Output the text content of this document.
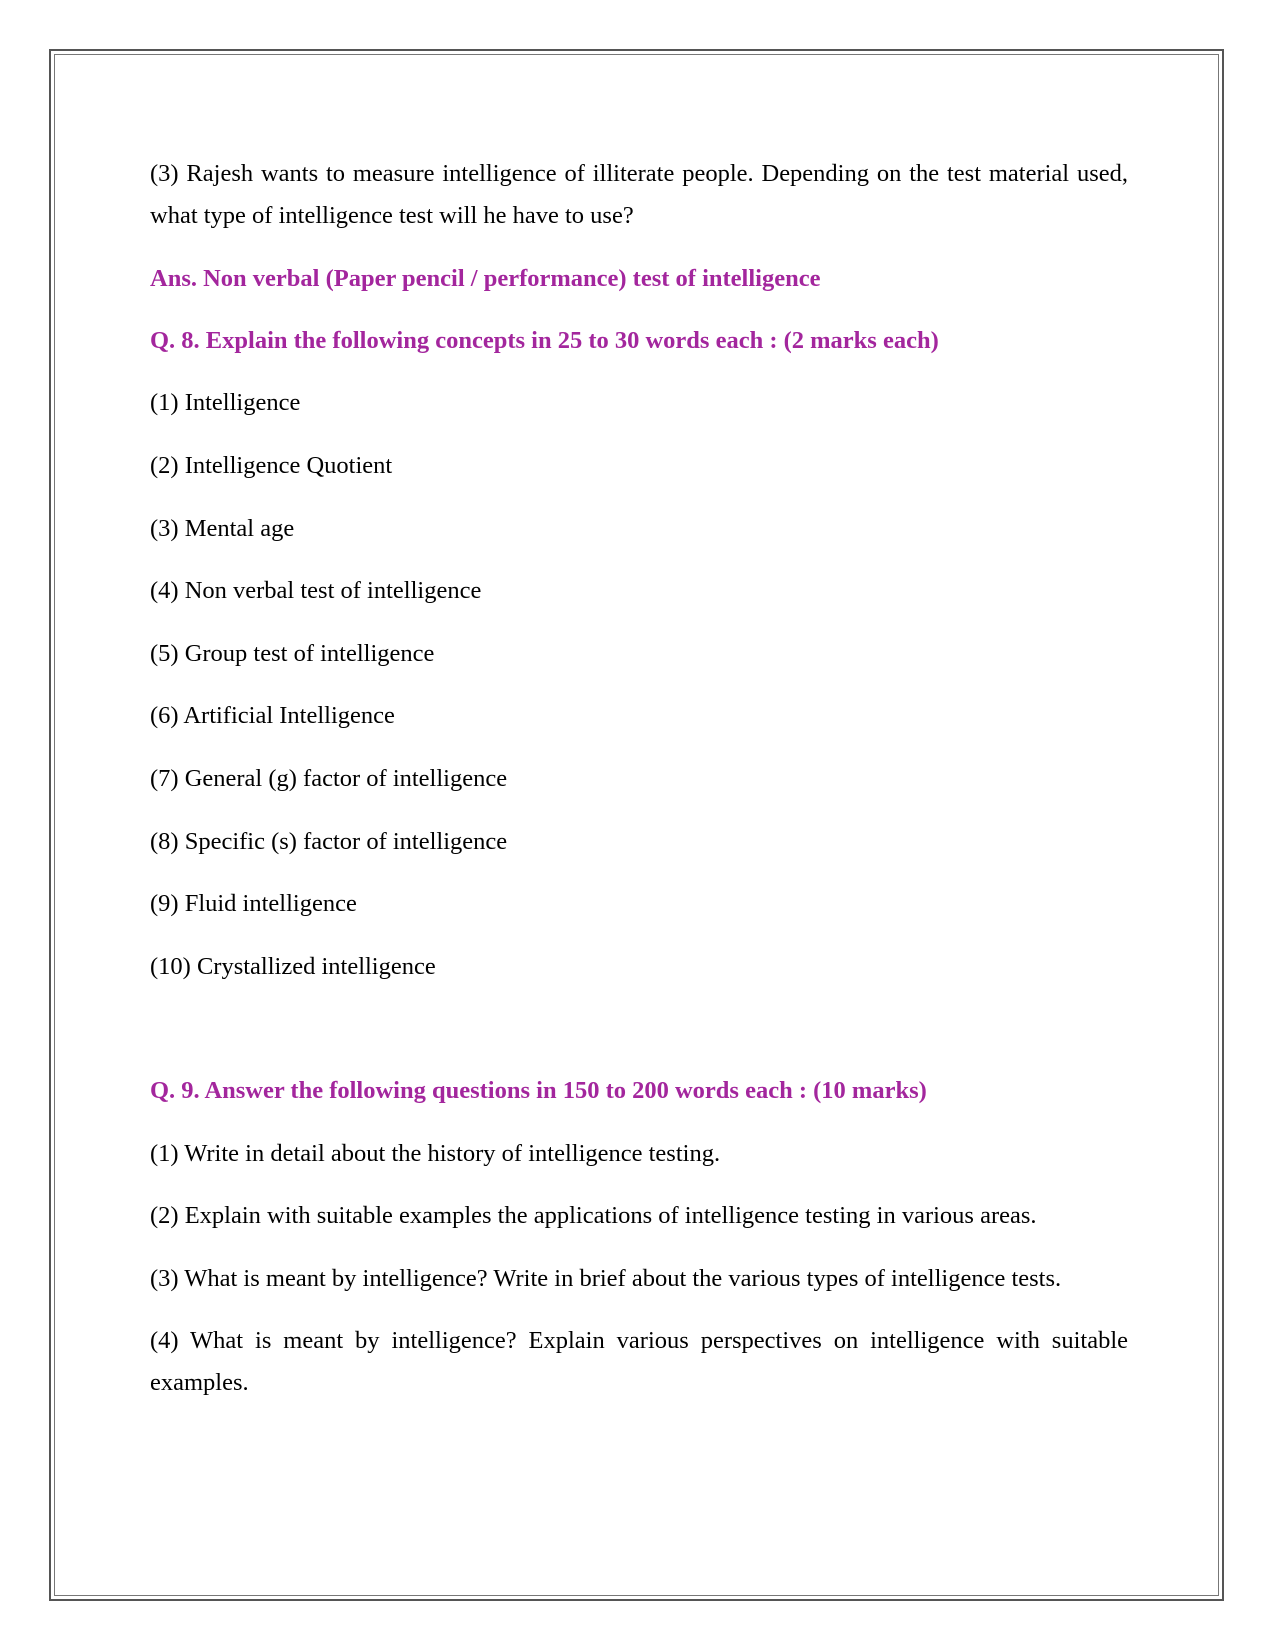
(3) Rajesh wants to measure intelligence of illiterate people. Depending on the test material used, what type of intelligence test will he have to use?
Ans. Non verbal (Paper pencil / performance) test of intelligence
Q. 8. Explain the following concepts in 25 to 30 words each : (2 marks each)
(1) Intelligence
(2) Intelligence Quotient
(3) Mental age
(4) Non verbal test of intelligence
(5) Group test of intelligence
(6) Artificial Intelligence
(7) General (g) factor of intelligence
(8) Specific (s) factor of intelligence
(9) Fluid intelligence
(10) Crystallized intelligence
Q. 9. Answer the following questions in 150 to 200 words each : (10 marks)
(1) Write in detail about the history of intelligence testing.
(2) Explain with suitable examples the applications of intelligence testing in various areas.
(3) What is meant by intelligence? Write in brief about the various types of intelligence tests.
(4) What is meant by intelligence? Explain various perspectives on intelligence with suitable examples.
